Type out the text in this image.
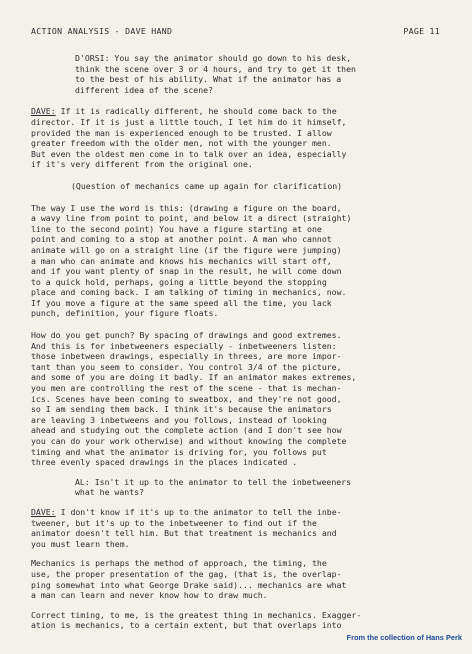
ACTION ANALYSIS - DAVE HAND	PAGE 11
D'ORSI: You say the animator should go down to his desk,
think the scene over 3 or 4 hours, and try to get it then
to the best of his ability. What if the animator has a
different idea of the scene?
DAVE: If it is radically different, he should come back to the
director. If it is just a little touch, I let him do it himself,
provided the man is experienced enough to be trusted. I allow
greater freedom with the older men, not with the younger men.
But even the oldest men come in to talk over an idea, especially
if it's very different from the original one.
(Question of mechanics came up again for clarification)
The way I use the word is this: (drawing a figure on the board,
a wavy line from point to point, and below it a direct (straight)
line to the second point) You have a figure starting at one
point and coming to a stop at another point. A man who cannot
animate will go on a straight line (if the figure were jumping)
a man who can animate and knows his mechanics will start off,
and if you want plenty of snap in the result, he will come down
to a quick hold, perhaps, going a little beyond the stopping
place and coming back. I am talking of timing in mechanics, now.
If you move a figure at the same speed all the time, you lack
punch, definition, your figure floats.
How do you get punch? By spacing of drawings and good extremes.
And this is for inbetweeners especially - inbetweeners listen:
those inbetween drawings, especially in threes, are more impor-
tant than you seem to consider. You control 3/4 of the picture,
and some of you are doing it badly. If an animator makes extremes,
you men are controlling the rest of the scene - that is mechan-
ics. Scenes have been coming to sweatbox, and they're not good,
so I am sending them back. I think it's because the animators
are leaving 3 inbetweens and you follows, instead of looking
ahead and studying out the complete action (and I don't see how
you can do your work otherwise) and without knowing the complete
timing and what the animator is driving for, you follows put
three evenly spaced drawings in the places indicated .
AL: Isn't it up to the animator to tell the inbetweeners
what he wants?
DAVE: I don't know if it's up to the animator to tell the inbe-
tweener, but it's up to the inbetweener to find out if the
animator doesn't tell him. But that treatment is mechanics and
you must learn them.
Mechanics is perhaps the method of approach, the timing, the
use, the proper presentation of the gag, (that is, the overlap-
ping somewhat into what George Drake said)... mechanics are what
a man can learn and never know how to draw much.
Correct timing, to me, is the greatest thing in mechanics. Exagger-
ation is mechanics, to a certain extent, but that overlaps into
From the collection of Hans Perk
